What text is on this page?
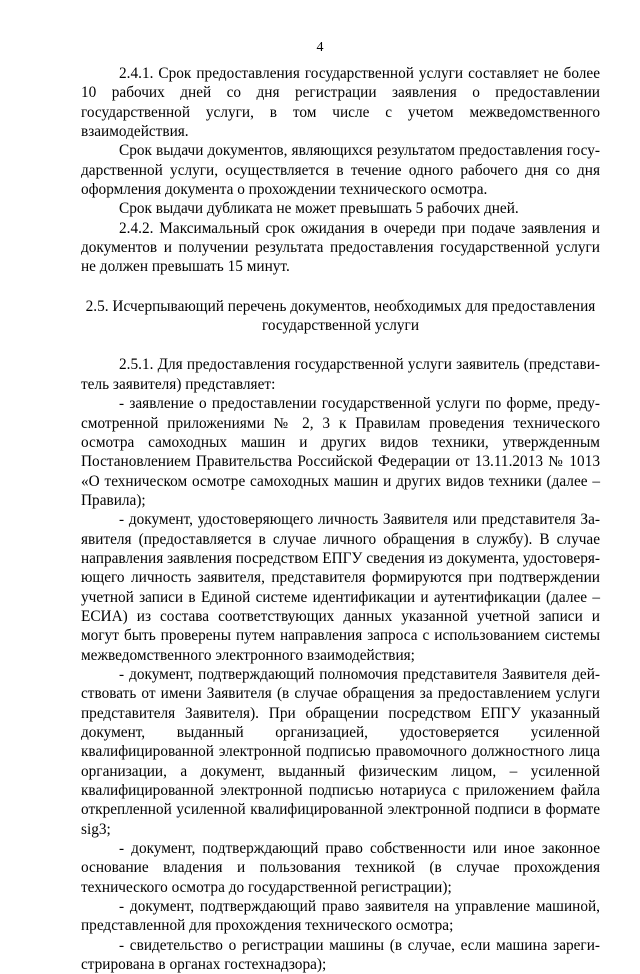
4

2.4.1. Срок предоставления государственной услуги составляет не более 10 рабочих дней со дня регистрации заявления о предоставлении государственной услуги, в том числе с учетом межведомственного взаимодействия.

Срок выдачи документов, являющихся результатом предоставления государственной услуги, осуществляется в течение одного рабочего дня со дня оформления документа о прохождении технического осмотра.

Срок выдачи дубликата не может превышать 5 рабочих дней.

2.4.2. Максимальный срок ожидания в очереди при подаче заявления и документов и получении результата предоставления государственной услуги не должен превышать 15 минут.

2.5. Исчерпывающий перечень документов, необходимых для предоставления государственной услуги

2.5.1. Для предоставления государственной услуги заявитель (представитель заявителя) представляет:

- заявление о предоставлении государственной услуги по форме, предусмотренной приложениями № 2, 3 к Правилам проведения технического осмотра самоходных машин и других видов техники, утвержденным Постановлением Правительства Российской Федерации от 13.11.2013 № 1013 «О техническом осмотре самоходных машин и других видов техники (далее – Правила);

- документ, удостоверяющего личность Заявителя или представителя Заявителя (предоставляется в случае личного обращения в службу). В случае направления заявления посредством ЕПГУ сведения из документа, удостоверяющего личность заявителя, представителя формируются при подтверждении учетной записи в Единой системе идентификации и аутентификации (далее – ЕСИА) из состава соответствующих данных указанной учетной записи и могут быть проверены путем направления запроса с использованием системы межведомственного электронного взаимодействия;

- документ, подтверждающий полномочия представителя Заявителя действовать от имени Заявителя (в случае обращения за предоставлением услуги представителя Заявителя). При обращении посредством ЕПГУ указанный документ, выданный организацией, удостоверяется усиленной квалифицированной электронной подписью правомочного должностного лица организации, а документ, выданный физическим лицом, – усиленной квалифицированной электронной подписью нотариуса с приложением файла открепленной усиленной квалифицированной электронной подписи в формате sig3;

- документ, подтверждающий право собственности или иное законное основание владения и пользования техникой (в случае прохождения технического осмотра до государственной регистрации);

- документ, подтверждающий право заявителя на управление машиной, представленной для прохождения технического осмотра;

- свидетельство о регистрации машины (в случае, если машина зарегистрирована в органах гостехнадзора);
